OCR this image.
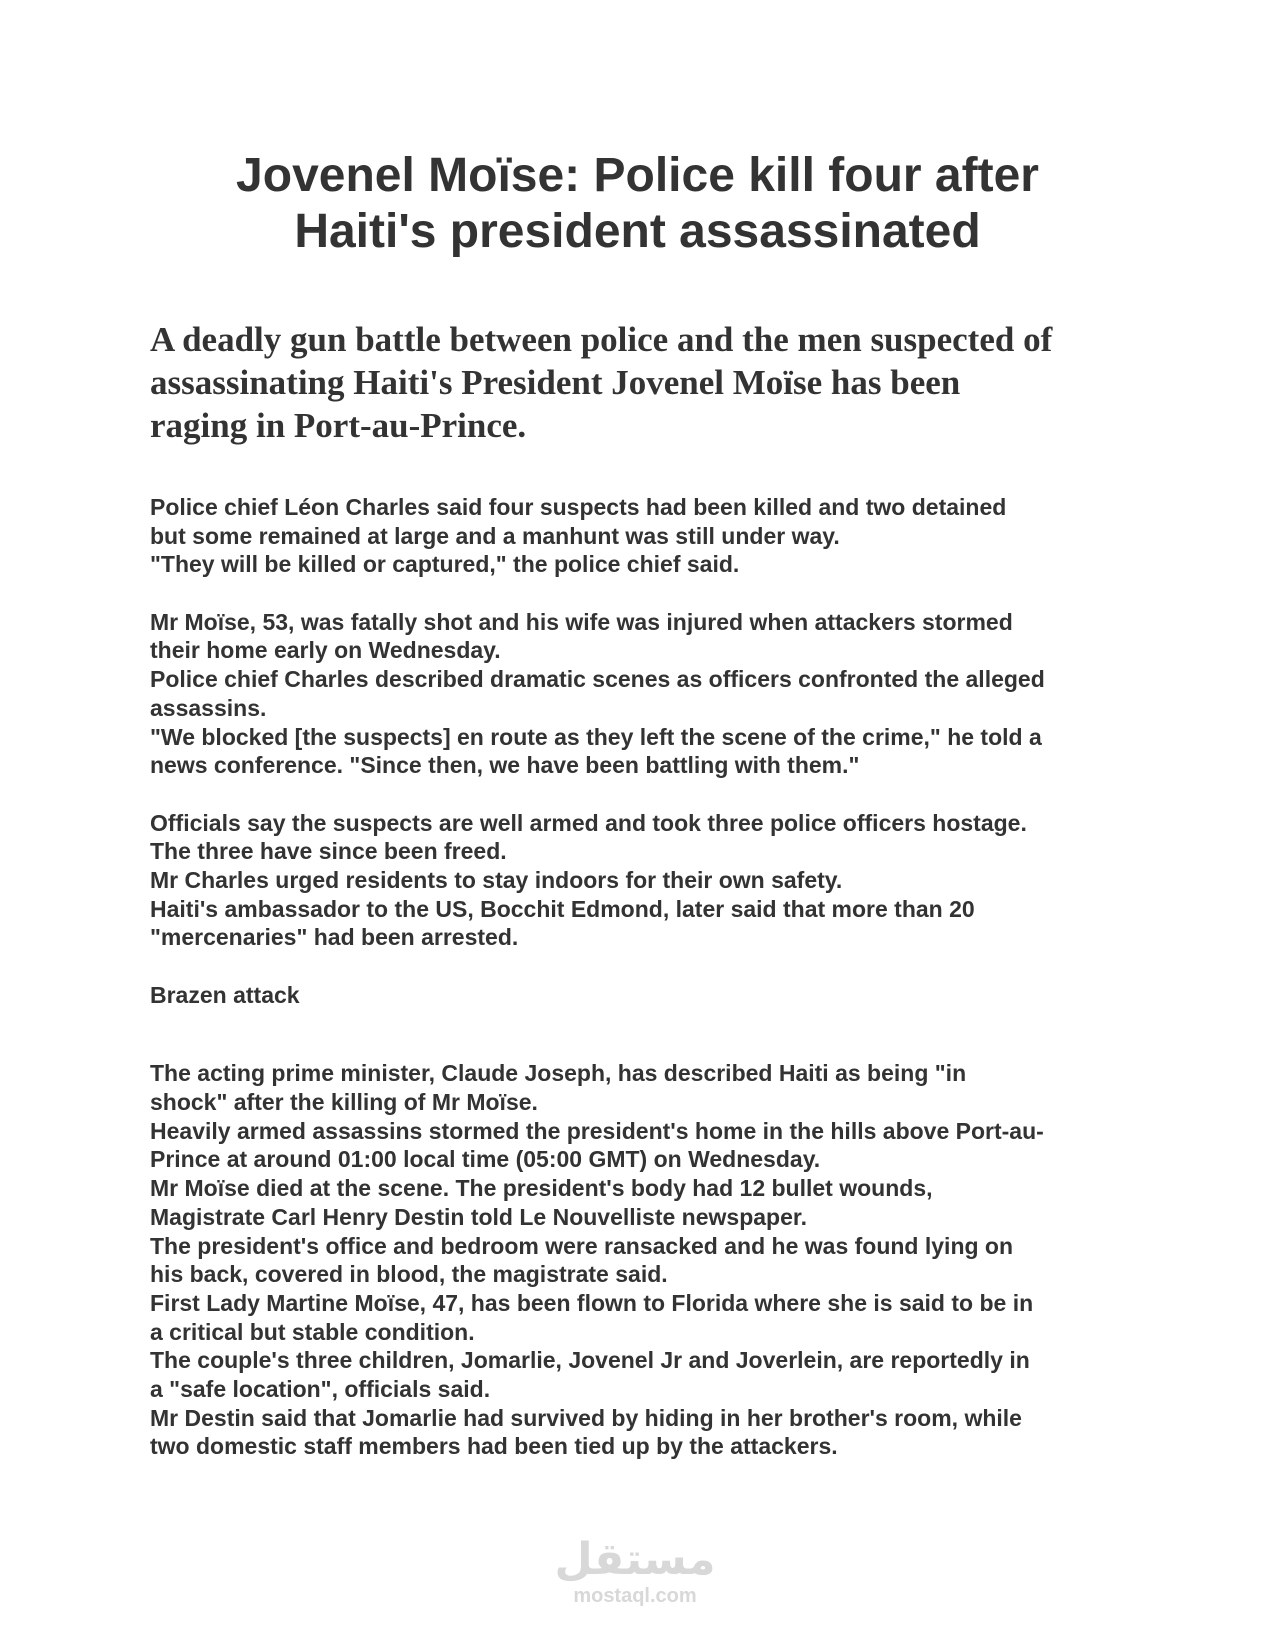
Jovenel Moïse: Police kill four after
Haiti's president assassinated
A deadly gun battle between police and the men suspected of
assassinating Haiti's President Jovenel Moïse has been
raging in Port-au-Prince.
Police chief Léon Charles said four suspects had been killed and two detained
but some remained at large and a manhunt was still under way.
"They will be killed or captured," the police chief said.
Mr Moïse, 53, was fatally shot and his wife was injured when attackers stormed
their home early on Wednesday.
Police chief Charles described dramatic scenes as officers confronted the alleged
assassins.
"We blocked [the suspects] en route as they left the scene of the crime," he told a
news conference. "Since then, we have been battling with them."
Officials say the suspects are well armed and took three police officers hostage.
The three have since been freed.
Mr Charles urged residents to stay indoors for their own safety.
Haiti's ambassador to the US, Bocchit Edmond, later said that more than 20
"mercenaries" had been arrested.
Brazen attack
The acting prime minister, Claude Joseph, has described Haiti as being "in
shock" after the killing of Mr Moïse.
Heavily armed assassins stormed the president's home in the hills above Port-au-
Prince at around 01:00 local time (05:00 GMT) on Wednesday.
Mr Moïse died at the scene. The president's body had 12 bullet wounds,
Magistrate Carl Henry Destin told Le Nouvelliste newspaper.
The president's office and bedroom were ransacked and he was found lying on
his back, covered in blood, the magistrate said.
First Lady Martine Moïse, 47, has been flown to Florida where she is said to be in
a critical but stable condition.
The couple's three children, Jomarlie, Jovenel Jr and Joverlein, are reportedly in
a "safe location", officials said.
Mr Destin said that Jomarlie had survived by hiding in her brother's room, while
two domestic staff members had been tied up by the attackers.
مستقل
mostaql.com
